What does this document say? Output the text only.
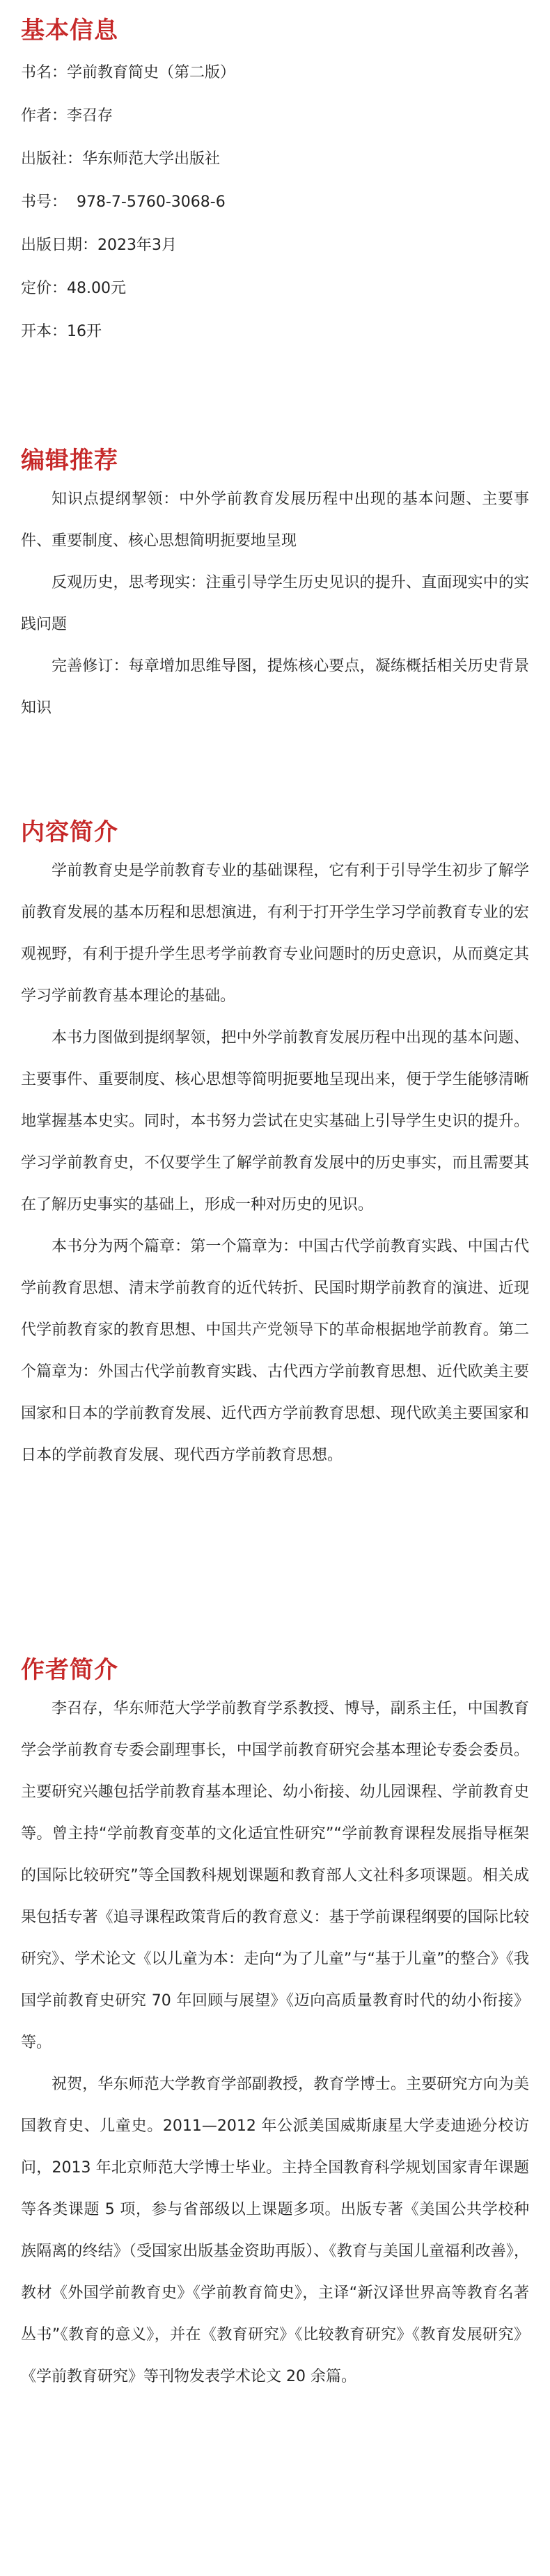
基本信息

书名：学前教育简史（第二版）

作者：李召存

出版社：华东师范大学出版社

书号：  978-7-5760-3068-6

出版日期：2023年3月

定价：48.00元

开本：16开

编辑推荐

知识点提纲挈领：中外学前教育发展历程中出现的基本问题、主要事件、重要制度、核心思想简明扼要地呈现

反观历史，思考现实：注重引导学生历史见识的提升、直面现实中的实践问题

完善修订：每章增加思维导图，提炼核心要点，凝练概括相关历史背景知识

内容简介

学前教育史是学前教育专业的基础课程，它有利于引导学生初步了解学前教育发展的基本历程和思想演进，有利于打开学生学习学前教育专业的宏观视野，有利于提升学生思考学前教育专业问题时的历史意识，从而奠定其学习学前教育基本理论的基础。

本书力图做到提纲挈领，把中外学前教育发展历程中出现的基本问题、主要事件、重要制度、核心思想等简明扼要地呈现出来，便于学生能够清晰地掌握基本史实。同时，本书努力尝试在史实基础上引导学生史识的提升。学习学前教育史，不仅要学生了解学前教育发展中的历史事实，而且需要其在了解历史事实的基础上，形成一种对历史的见识。

本书分为两个篇章：第一个篇章为：中国古代学前教育实践、中国古代学前教育思想、清末学前教育的近代转折、民国时期学前教育的演进、近现代学前教育家的教育思想、中国共产党领导下的革命根据地学前教育。第二个篇章为：外国古代学前教育实践、古代西方学前教育思想、近代欧美主要国家和日本的学前教育发展、近代西方学前教育思想、现代欧美主要国家和日本的学前教育发展、现代西方学前教育思想。

作者简介

李召存，华东师范大学学前教育学系教授、博导，副系主任，中国教育学会学前教育专委会副理事长，中国学前教育研究会基本理论专委会委员。主要研究兴趣包括学前教育基本理论、幼小衔接、幼儿园课程、学前教育史等。曾主持“学前教育变革的文化适宜性研究”“学前教育课程发展指导框架的国际比较研究”等全国教科规划课题和教育部人文社科多项课题。相关成果包括专著《追寻课程政策背后的教育意义：基于学前课程纲要的国际比较研究》、学术论文《以儿童为本：走向“为了儿童”与“基于儿童”的整合》《我国学前教育史研究 70 年回顾与展望》《迈向高质量教育时代的幼小衔接》等。

祝贺，华东师范大学教育学部副教授，教育学博士。主要研究方向为美国教育史、儿童史。2011—2012 年公派美国威斯康星大学麦迪逊分校访问，2013 年北京师范大学博士毕业。主持全国教育科学规划国家青年课题等各类课题 5 项，参与省部级以上课题多项。出版专著《美国公共学校种族隔离的终结》（受国家出版基金资助再版）、《教育与美国儿童福利改善》，教材《外国学前教育史》《学前教育简史》，主译“新汉译世界高等教育名著丛书”《教育的意义》，并在《教育研究》《比较教育研究》《教育发展研究》《学前教育研究》等刊物发表学术论文 20 余篇。
